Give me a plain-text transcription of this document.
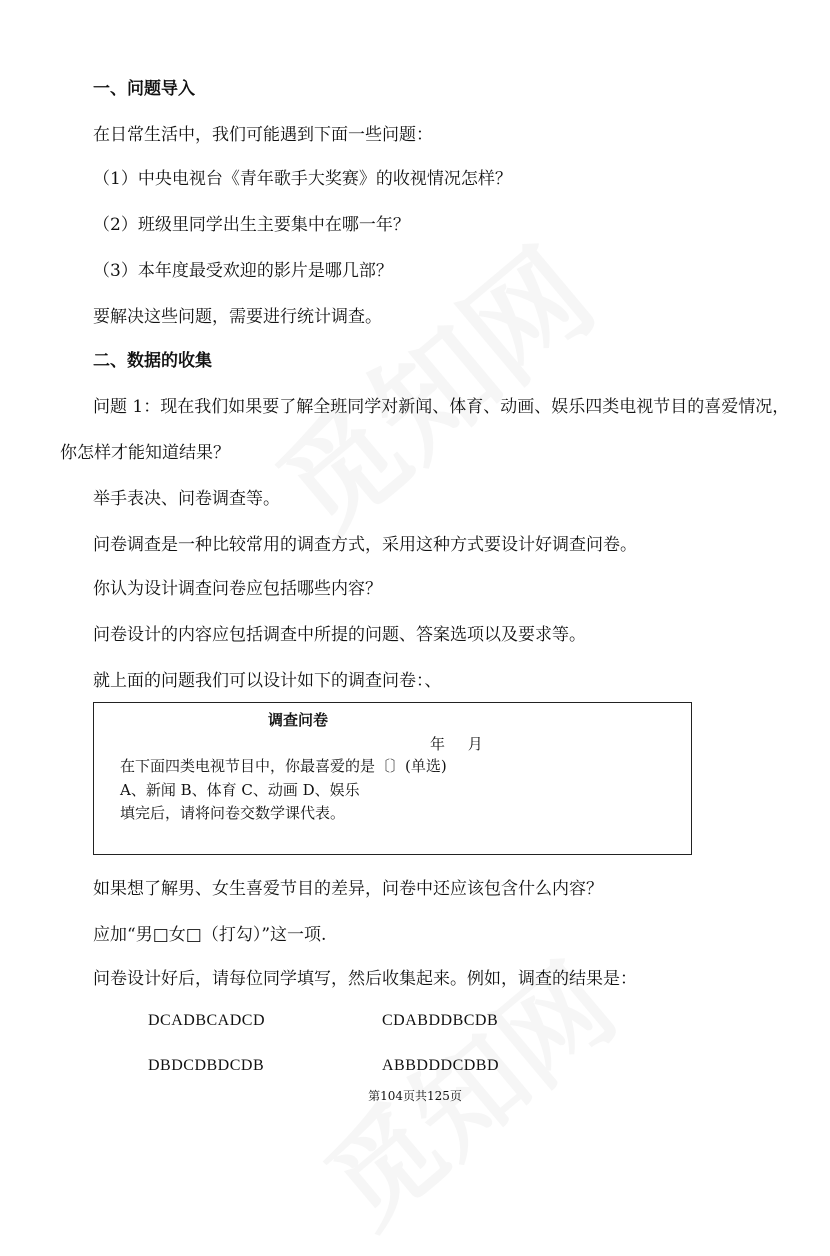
一、问题导入
在日常生活中，我们可能遇到下面一些问题：
（1）中央电视台《青年歌手大奖赛》的收视情况怎样？
（2）班级里同学出生主要集中在哪一年？
（3）本年度最受欢迎的影片是哪几部？
要解决这些问题，需要进行统计调查。
二、数据的收集
问题 1：现在我们如果要了解全班同学对新闻、体育、动画、娱乐四类电视节目的喜爱情况，
你怎样才能知道结果？
举手表决、问卷调查等。
问卷调查是一种比较常用的调查方式，采用这种方式要设计好调查问卷。
你认为设计调查问卷应包括哪些内容？
问卷设计的内容应包括调查中所提的问题、答案选项以及要求等。
就上面的问题我们可以设计如下的调查问卷：、
调查问卷
年 月
在下面四类电视节目中，你最喜爱的是〔〕(单选)
A、新闻 B、体育 C、动画 D、娱乐
填完后，请将问卷交数学课代表。
如果想了解男、女生喜爱节目的差异，问卷中还应该包含什么内容？
应加“男□女□（打勾）”这一项.
问卷设计好后，请每位同学填写，然后收集起来。例如，调查的结果是：
DCADBCADCD	CDABDDBCDB
DBDCDBDCDB	ABBDDDCDBD
第104页共125页
